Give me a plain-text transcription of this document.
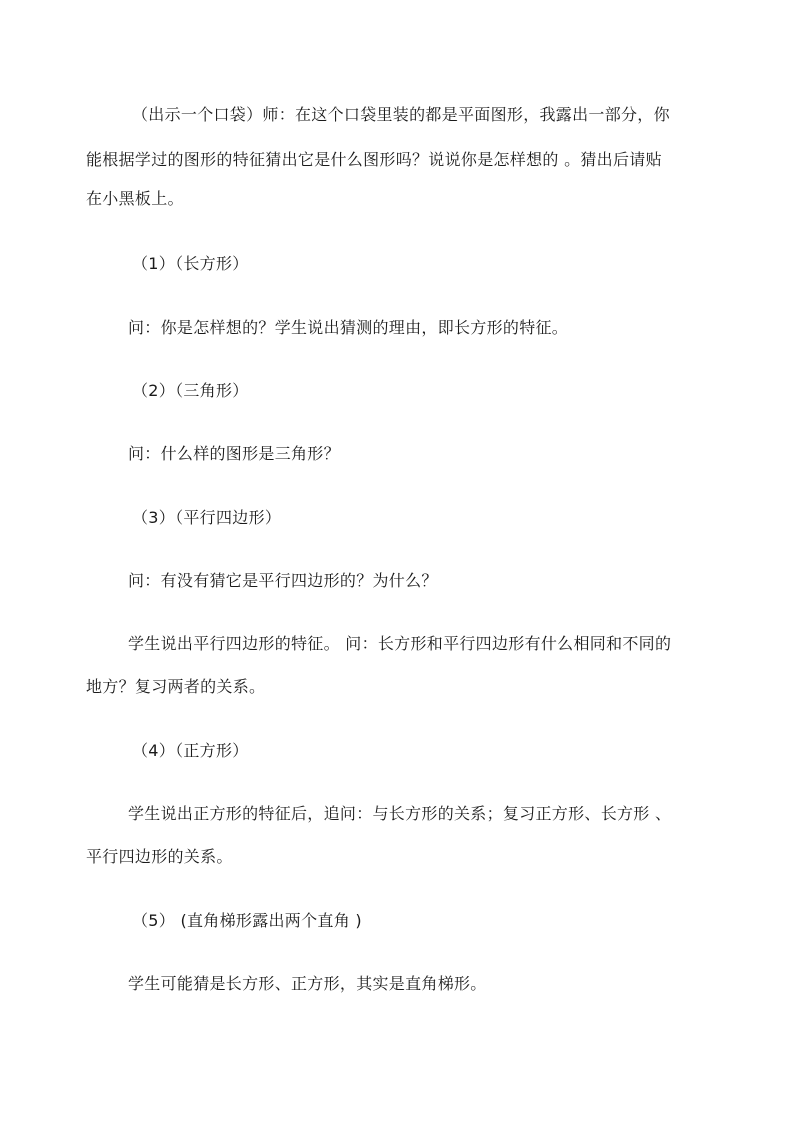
（出示一个口袋）师：在这个口袋里装的都是平面图形，我露出一部分，你
能根据学过的图形的特征猜出它是什么图形吗？说说你是怎样想的 。猜出后请贴
在小黑板上。
（1）（长方形）
问：你是怎样想的？学生说出猜测的理由，即长方形的特征。
（2）（三角形）
问：什么样的图形是三角形？
（3）（平行四边形）
问：有没有猜它是平行四边形的？为什么？
学生说出平行四边形的特征。 问：长方形和平行四边形有什么相同和不同的
地方？复习两者的关系。
（4）（正方形）
学生说出正方形的特征后，追问：与长方形的关系；复习正方形、长方形 、
平行四边形的关系。
（5） (直角梯形露出两个直角 )
学生可能猜是长方形、正方形，其实是直角梯形。
